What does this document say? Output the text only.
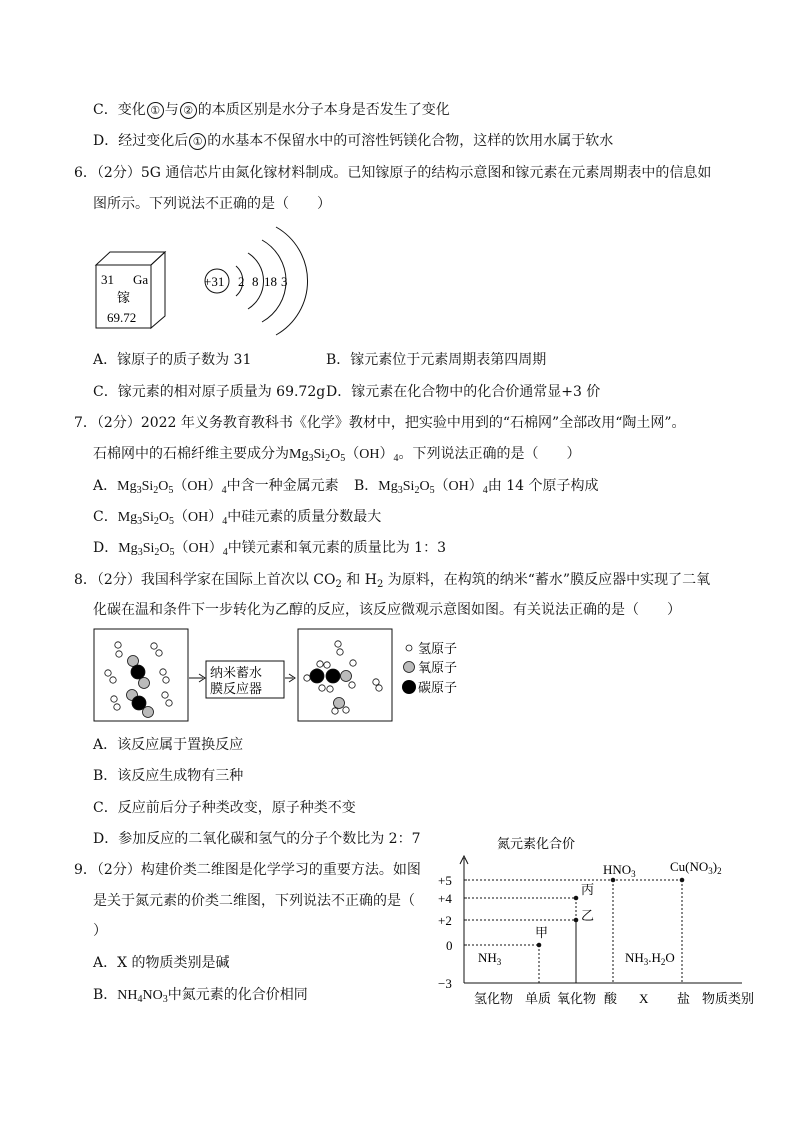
C．变化 ① 与 ② 的本质区别是水分子本身是否发生了变化
D．经过变化后 ① 的水基本不保留水中的可溶性钙镁化合物，这样的饮用水属于软水
6．（2分）5G 通信芯片由氮化镓材料制成。已知镓原子的结构示意图和镓元素在元素周期表中的信息如
图所示。下列说法不正确的是（　　）
31 Ga
镓
69.72
+31 2 8 18 3
A．镓原子的质子数为 31	B．镓元素位于元素周期表第四周期
C．镓元素的相对原子质量为 69.72g D．镓元素在化合物中的化合价通常显+3 价
7．（2分）2022 年义务教育教科书《化学》教材中，把实验中用到的“石棉网”全部改用“陶土网”。
石棉网中的石棉纤维主要成分为$Mg_3Si_2O_5(OH)_4$。下列说法正确的是（　　）
A．$Mg_3Si_2O_5(OH)_4$中含一种金属元素 B．$Mg_3Si_2O_5(OH)_4$由 14 个原子构成
C．$Mg_3Si_2O_5(OH)_4$中硅元素的质量分数最大
D．$Mg_3Si_2O_5(OH)_4$中镁元素和氧元素的质量比为 1：3
8．（2分）我国科学家在国际上首次以 $CO_2$ 和 $H_2$ 为原料，在构筑的纳米“蓄水”膜反应器中实现了二氧
化碳在温和条件下一步转化为乙醇的反应，该反应微观示意图如图。有关说法正确的是（　　）
纳米蓄水
膜反应器
氢原子
氧原子
碳原子
A．该反应属于置换反应
B．该反应生成物有三种
C．反应前后分子种类改变，原子种类不变
D．参加反应的二氧化碳和氢气的分子个数比为 2：7
9．（2分）构建价类二维图是化学学习的重要方法。如图
是关于氮元素的价类二维图，下列说法不正确的是（
）
A．X 的物质类别是碱
B．$NH_4NO_3$中氮元素的化合价相同
氮元素化合价
+5
+4
+2
0
−3
氢化物 单质 氧化物 酸 X 盐 物质类别
甲
乙
丙
$NH_3$	$NH_3.H_2O$
$HNO_3$	$Cu(NO_3)_2$
